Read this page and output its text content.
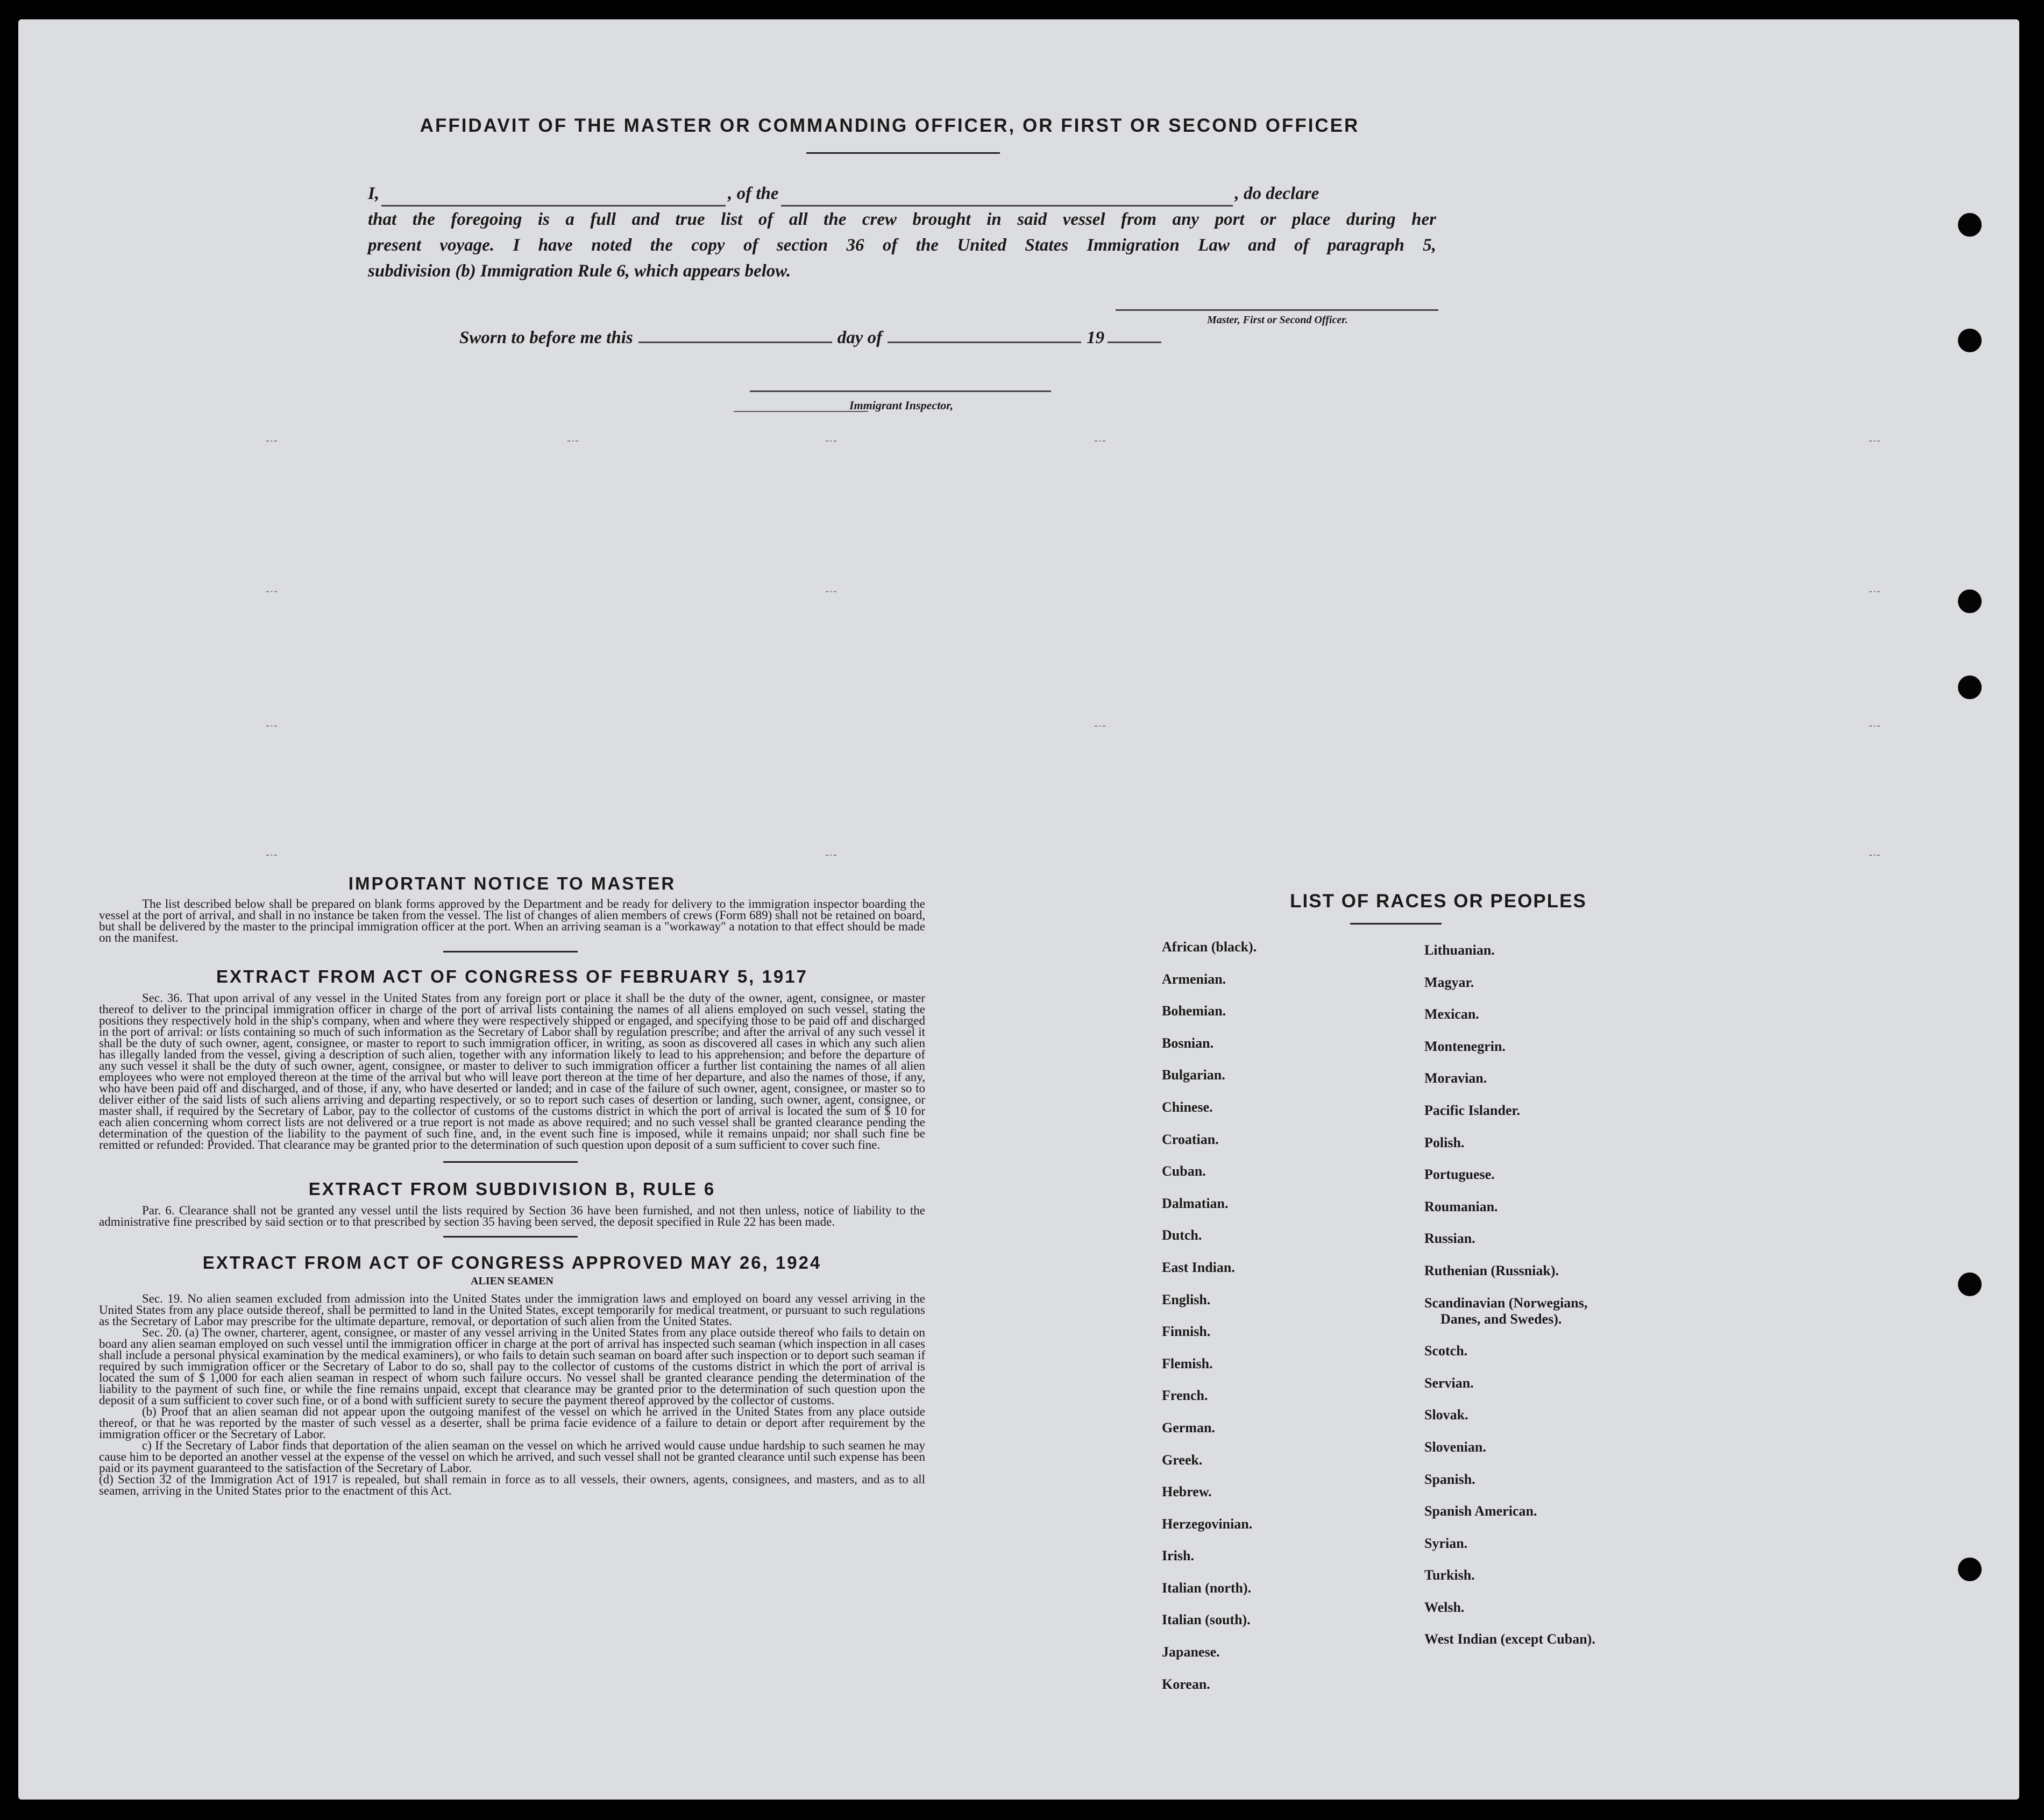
-·-	-·-	-·-	-·-	-·-
-·-	-·-	-·-
-·-	-·-	-·-
-·-	-·-	-·-
AFFIDAVIT OF THE MASTER OR COMMANDING OFFICER, OR FIRST OR SECOND OFFICER
I,	, of the	, do declare
that the foregoing is a full and true list of all the crew brought in said vessel from any port or place during her
present voyage. I have noted the copy of section 36 of the United States Immigration Law and of paragraph 5,
subdivision (b) Immigration Rule 6, which appears below.
Master, First or Second Officer.
Sworn to before me this	day of	19
Immigrant Inspector,
IMPORTANT NOTICE TO MASTER
The list described below shall be prepared on blank forms approved by the Department and be ready for delivery to the immigration inspector boarding the vessel at the port of arrival, and shall in no instance be taken from the vessel. The list of changes of alien members of crews (Form 689) shall not be retained on board, but shall be delivered by the master to the principal immigration officer at the port. When an arriving seaman is a "workaway" a notation to that effect should be made on the manifest.
EXTRACT FROM ACT OF CONGRESS OF FEBRUARY 5, 1917
Sec. 36. That upon arrival of any vessel in the United States from any foreign port or place it shall be the duty of the owner, agent, consignee, or master thereof to deliver to the principal immigration officer in charge of the port of arrival lists containing the names of all aliens employed on such vessel, stating the positions they respectively hold in the ship's company, when and where they were respectively shipped or engaged, and specifying those to be paid off and discharged in the port of arrival: or lists containing so much of such information as the Secretary of Labor shall by regulation prescribe; and after the arrival of any such vessel it shall be the duty of such owner, agent, consignee, or master to report to such immigration officer, in writing, as soon as discovered all cases in which any such alien has illegally landed from the vessel, giving a description of such alien, together with any information likely to lead to his apprehension; and before the departure of any such vessel it shall be the duty of such owner, agent, consignee, or master to deliver to such immigration officer a further list containing the names of all alien employees who were not employed thereon at the time of the arrival but who will leave port thereon at the time of her departure, and also the names of those, if any, who have been paid off and discharged, and of those, if any, who have deserted or landed; and in case of the failure of such owner, agent, consignee, or master so to deliver either of the said lists of such aliens arriving and departing respectively, or so to report such cases of desertion or landing, such owner, agent, consignee, or master shall, if required by the Secretary of Labor, pay to the collector of customs of the customs district in which the port of arrival is located the sum of $ 10 for each alien concerning whom correct lists are not delivered or a true report is not made as above required; and no such vessel shall be granted clearance pending the determination of the question of the liability to the payment of such fine, and, in the event such fine is imposed, while it remains unpaid; nor shall such fine be remitted or refunded: Provided. That clearance may be granted prior to the determination of such question upon deposit of a sum sufficient to cover such fine.
EXTRACT FROM SUBDIVISION B, RULE 6
Par. 6. Clearance shall not be granted any vessel until the lists required by Section 36 have been furnished, and not then unless, notice of liability to the administrative fine prescribed by said section or to that prescribed by section 35 having been served, the deposit specified in Rule 22 has been made.
EXTRACT FROM ACT OF CONGRESS APPROVED MAY 26, 1924
ALIEN SEAMEN
Sec. 19. No alien seamen excluded from admission into the United States under the immigration laws and employed on board any vessel arriving in the United States from any place outside thereof, shall be permitted to land in the United States, except temporarily for medical treatment, or pursuant to such regulations as the Secretary of Labor may prescribe for the ultimate departure, removal, or deportation of such alien from the United States.
Sec. 20. (a) The owner, charterer, agent, consignee, or master of any vessel arriving in the United States from any place outside thereof who fails to detain on board any alien seaman employed on such vessel until the immigration officer in charge at the port of arrival has inspected such seaman (which inspection in all cases shall include a personal physical examination by the medical examiners), or who fails to detain such seaman on board after such inspection or to deport such seaman if required by such immigration officer or the Secretary of Labor to do so, shall pay to the collector of customs of the customs district in which the port of arrival is located the sum of $ 1,000 for each alien seaman in respect of whom such failure occurs. No vessel shall be granted clearance pending the determination of the liability to the payment of such fine, or while the fine remains unpaid, except that clearance may be granted prior to the determination of such question upon the deposit of a sum sufficient to cover such fine, or of a bond with sufficient surety to secure the payment thereof approved by the collector of customs.
(b) Proof that an alien seaman did not appear upon the outgoing manifest of the vessel on which he arrived in the United States from any place outside thereof, or that he was reported by the master of such vessel as a deserter, shall be prima facie evidence of a failure to detain or deport after requirement by the immigration officer or the Secretary of Labor.
c) If the Secretary of Labor finds that deportation of the alien seaman on the vessel on which he arrived would cause undue hardship to such seamen he may cause him to be deported an another vessel at the expense of the vessel on which he arrived, and such vessel shall not be granted clearance until such expense has been paid or its payment guaranteed to the satisfaction of the Secretary of Labor.
(d) Section 32 of the Immigration Act of 1917 is repealed, but shall remain in force as to all vessels, their owners, agents, consignees, and masters, and as to all seamen, arriving in the United States prior to the enactment of this Act.
LIST OF RACES OR PEOPLES
African (black).
Armenian.
Bohemian.
Bosnian.
Bulgarian.
Chinese.
Croatian.
Cuban.
Dalmatian.
Dutch.
East Indian.
English.
Finnish.
Flemish.
French.
German.
Greek.
Hebrew.
Herzegovinian.
Irish.
Italian (north).
Italian (south).
Japanese.
Korean.
Lithuanian.
Magyar.
Mexican.
Montenegrin.
Moravian.
Pacific Islander.
Polish.
Portuguese.
Roumanian.
Russian.
Ruthenian (Russniak).
Scandinavian (Norwegians,
Danes, and Swedes).
Scotch.
Servian.
Slovak.
Slovenian.
Spanish.
Spanish American.
Syrian.
Turkish.
Welsh.
West Indian (except Cuban).
